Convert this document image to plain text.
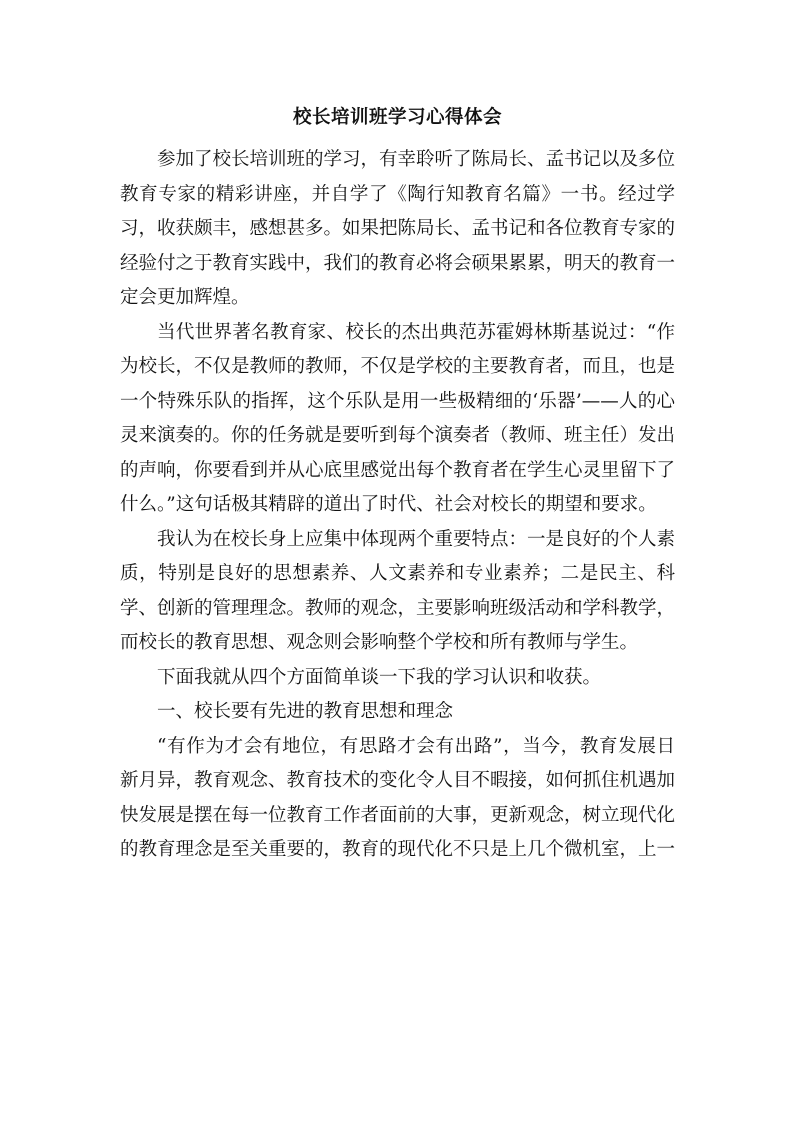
校长培训班学习心得体会

参加了校长培训班的学习，有幸聆听了陈局长、孟书记以及多位教育专家的精彩讲座，并自学了《陶行知教育名篇》一书。经过学习，收获颇丰，感想甚多。如果把陈局长、孟书记和各位教育专家的经验付之于教育实践中，我们的教育必将会硕果累累，明天的教育一定会更加辉煌。

当代世界著名教育家、校长的杰出典范苏霍姆林斯基说过：“作为校长，不仅是教师的教师，不仅是学校的主要教育者，而且，也是一个特殊乐队的指挥，这个乐队是用一些极精细的‘乐器’——人的心灵来演奏的。你的任务就是要听到每个演奏者（教师、班主任）发出的声响，你要看到并从心底里感觉出每个教育者在学生心灵里留下了什么。”这句话极其精辟的道出了时代、社会对校长的期望和要求。

我认为在校长身上应集中体现两个重要特点：一是良好的个人素质，特别是良好的思想素养、人文素养和专业素养；二是民主、科学、创新的管理理念。教师的观念，主要影响班级活动和学科教学，而校长的教育思想、观念则会影响整个学校和所有教师与学生。

下面我就从四个方面简单谈一下我的学习认识和收获。

一、校长要有先进的教育思想和理念

“有作为才会有地位，有思路才会有出路”，当今，教育发展日新月异，教育观念、教育技术的变化令人目不暇接，如何抓住机遇加快发展是摆在每一位教育工作者面前的大事，更新观念，树立现代化的教育理念是至关重要的，教育的现代化不只是上几个微机室，上一
